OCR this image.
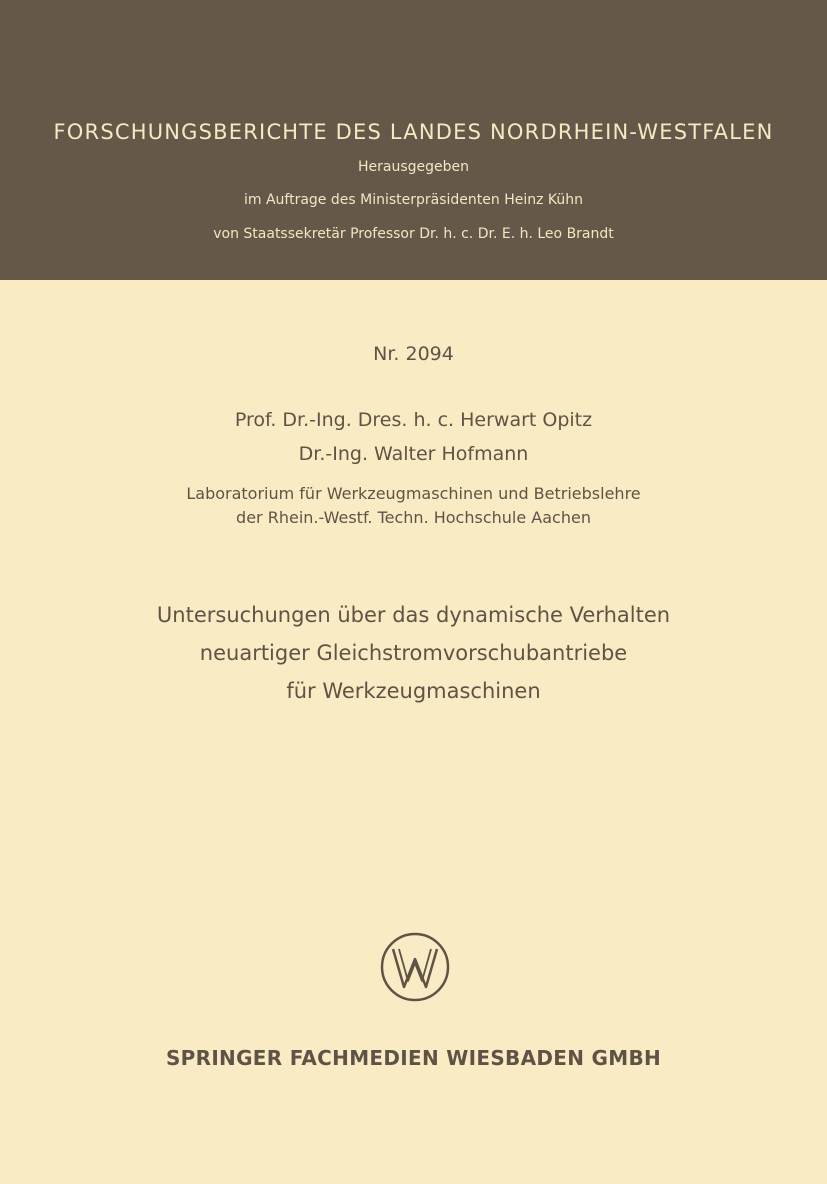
FORSCHUNGSBERICHTE DES LANDES NORDRHEIN-WESTFALEN
Herausgegeben
im Auftrage des Ministerpräsidenten Heinz Kühn
von Staatssekretär Professor Dr. h. c. Dr. E. h. Leo Brandt
Nr. 2094
Prof. Dr.-Ing. Dres. h. c. Herwart Opitz
Dr.-Ing. Walter Hofmann
Laboratorium für Werkzeugmaschinen und Betriebslehre
der Rhein.-Westf. Techn. Hochschule Aachen
Untersuchungen über das dynamische Verhalten
neuartiger Gleichstromvorschubantriebe
für Werkzeugmaschinen
SPRINGER FACHMEDIEN WIESBADEN GMBH
